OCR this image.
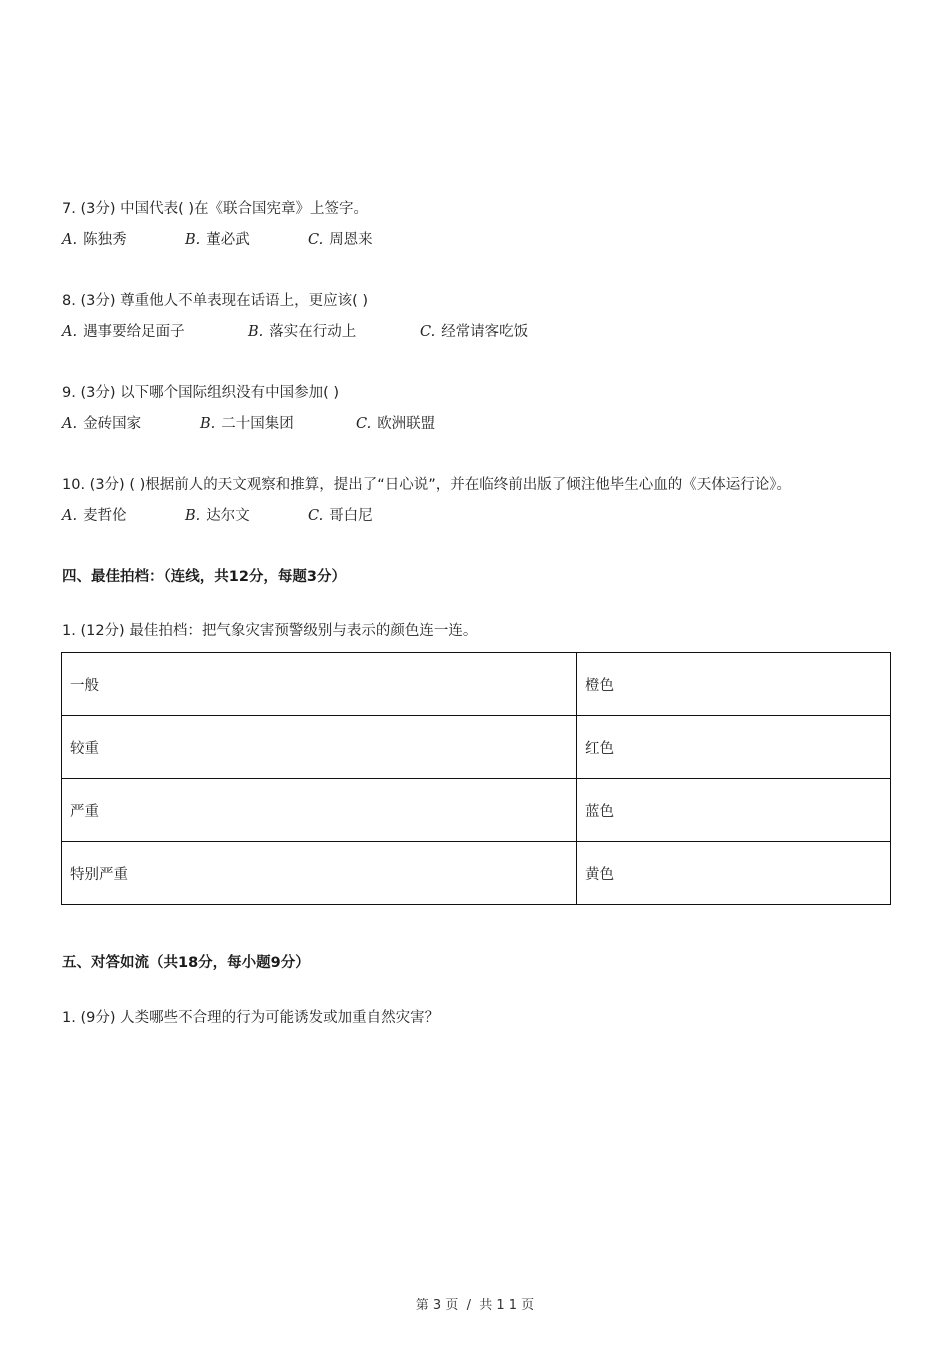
7. (3分) 中国代表( )在《联合国宪章》上签字。
A. 陈独秀	B. 董必武	C. 周恩来
8. (3分) 尊重他人不单表现在话语上，更应该( )
A. 遇事要给足面子	B. 落实在行动上	C. 经常请客吃饭
9. (3分) 以下哪个国际组织没有中国参加( )
A. 金砖国家	B. 二十国集团	C. 欧洲联盟
10. (3分) ( )根据前人的天文观察和推算，提出了“日心说”，并在临终前出版了倾注他毕生心血的《天体运行论》。
A. 麦哲伦	B. 达尔文	C. 哥白尼
四、最佳拍档：（连线，共12分，每题3分）
1. (12分) 最佳拍档：把气象灾害预警级别与表示的颜色连一连。
一般	橙色
较重	红色
严重	蓝色
特别严重	黄色
五、对答如流（共18分，每小题9分）
1. (9分) 人类哪些不合理的行为可能诱发或加重自然灾害？
第 3 页  /  共 1 1 页
